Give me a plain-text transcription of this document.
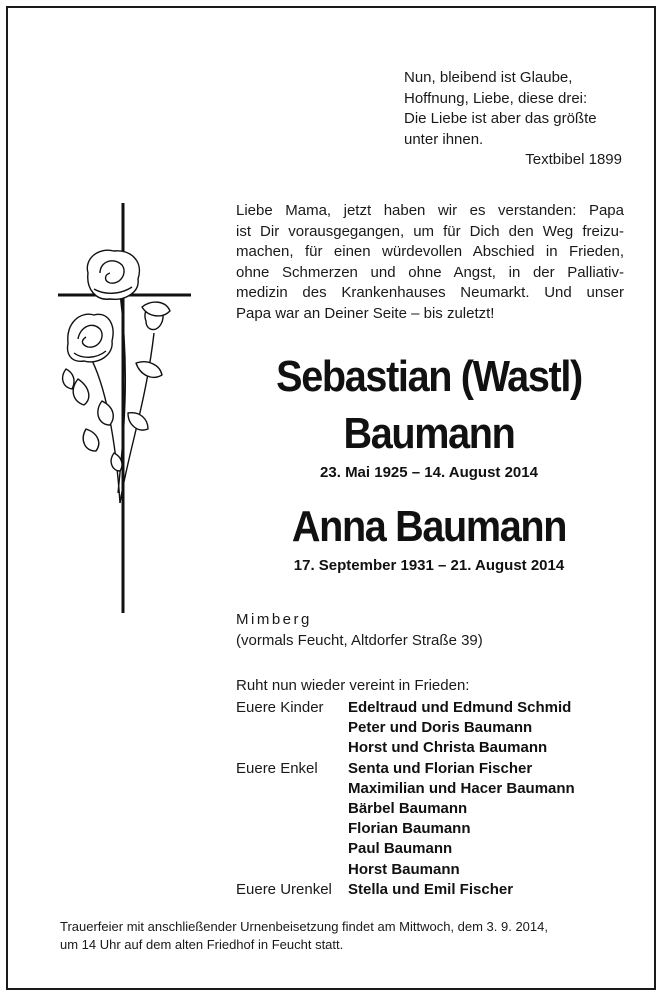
Nun, bleibend ist Glaube,
Hoffnung, Liebe, diese drei:
Die Liebe ist aber das größte
unter ihnen.
Textbibel 1899
Liebe Mama, jetzt haben wir es verstanden: Papa
ist Dir vorausgegangen, um für Dich den Weg freizu-
machen, für einen würdevollen Abschied in Frieden,
ohne Schmerzen und ohne Angst, in der Palliativ-
medizin des Krankenhauses Neumarkt. Und unser
Papa war an Deiner Seite – bis zuletzt!
Sebastian (Wastl)
Baumann
23. Mai 1925 – 14. August 2014
Anna Baumann
17. September 1931 – 21. August 2014
Mimberg
(vormals Feucht, Altdorfer Straße 39)
Ruht nun wieder vereint in Frieden:
Euere Kinder	Edeltraud und Edmund Schmid
Peter und Doris Baumann
Horst und Christa Baumann
Euere Enkel	Senta und Florian Fischer
Maximilian und Hacer Baumann
Bärbel Baumann
Florian Baumann
Paul Baumann
Horst Baumann
Euere Urenkel	Stella und Emil Fischer
Trauerfeier mit anschließender Urnenbeisetzung findet am Mittwoch, dem 3. 9. 2014,
um 14 Uhr auf dem alten Friedhof in Feucht statt.
